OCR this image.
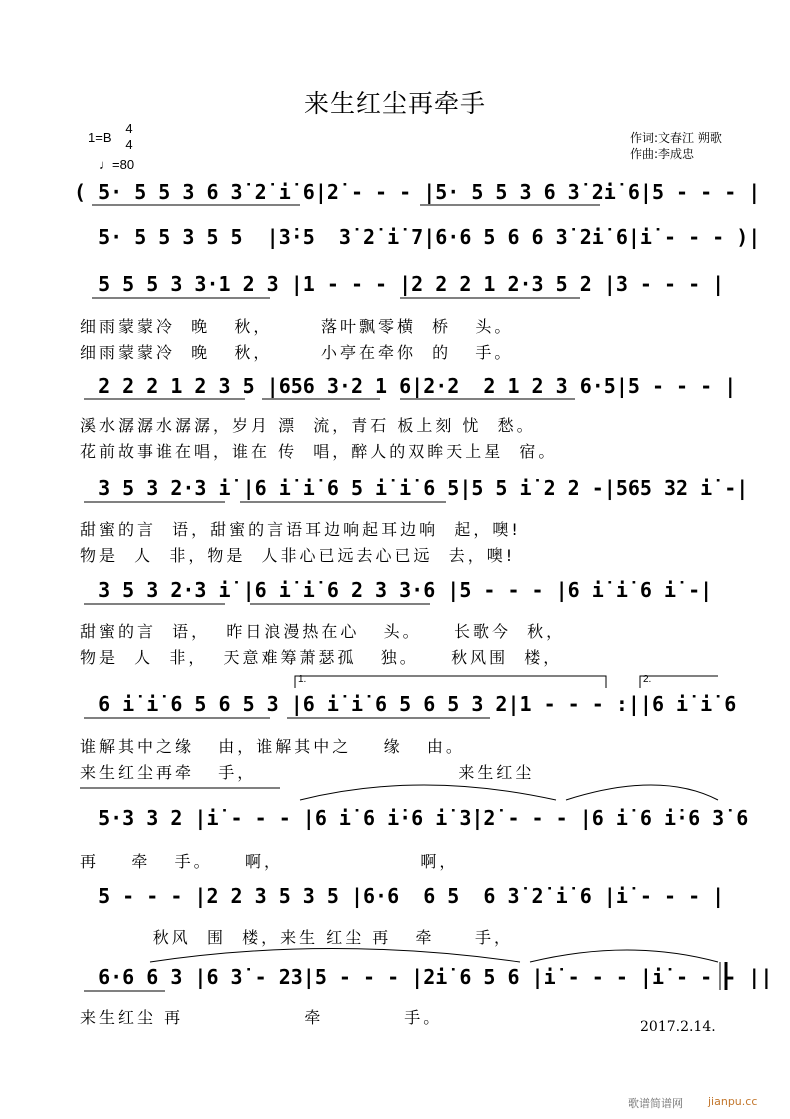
来生红尘再牵手
1=B
4
4
♩=80
作词:文春江 朔歌
作曲:李成忠
( 5· 5 5 3 6 3̇ 2̇ i̇ 6|2̇ - - - |5· 5 5 3 6 3̇ 2̇i̇ 6|5 - - - |
5· 5 5 3 5 5  |3̇·5  3̇ 2̇ i̇ 7|6·6 5 6 6 3̇ 2̇i̇ 6|i̇ - - - )|
5 5 5 3 3·1 2 3 |1 - - - |2 2 2 1 2·3 5 2 |3 - - - |
2 2 2 1 2 3 5 |656 3·2 1 6|2·2  2 1 2 3 6·5|5 - - - |
3 5 3 2·3 i̇ |6 i̇ i̇ 6 5 i̇ i̇ 6 5|5 5 i̇ 2 2 -|565 32 i̇ -|
3 5 3 2·3 i̇ |6 i̇ i̇ 6 2 3 3·6 |5 - - - |6 i̇ i̇ 6 i̇ -|
6 i̇ i̇ 6 5 6 5 3 |6 i̇ i̇ 6 5 6 5 3 2|1 - - - :||6 i̇ i̇ 6
5·3 3 2 |i̇ - - - |6 i̇ 6 i̇·6 i̇ 3̇|2̇ - - - |6 i̇ 6 i̇·6 3̇ 6
5 - - - |2 2 3 5 3 5 |6·6  6 5  6 3̇ 2̇ i̇ 6 |i̇ - - - |
6·6 6 3 |6 3̇ - 23|5 - - - |2̇i̇ 6 5 6 |i̇ - - - |i̇ - - - ||
细雨蒙蒙冷  晚   秋，      落叶飘零横  桥   头。
细雨蒙蒙冷  晚   秋，      小亭在牵你  的   手。
溪水潺潺水潺潺，岁月 漂  流，青石 板上刻 忧  愁。
花前故事谁在唱，谁在 传  唱，醉人的双眸天上星  宿。
甜蜜的言  语，甜蜜的言语耳边响起耳边响  起，噢!
物是  人  非，物是  人非心已远去心已远  去，噢!
甜蜜的言  语，  昨日浪漫热在心   头。    长歌今  秋，
物是  人  非，  天意难筹萧瑟孤   独。    秋风围  楼，
谁解其中之缘   由，谁解其中之    缘   由。
来生红尘再牵   手，                         来生红尘
再    牵   手。    啊，                 啊，
秋风  围  楼，来生 红尘 再   牵     手，
来生红尘 再               牵          手。
1.	2.
2017.2.14.
歌谱简谱网 jianpu.cc
